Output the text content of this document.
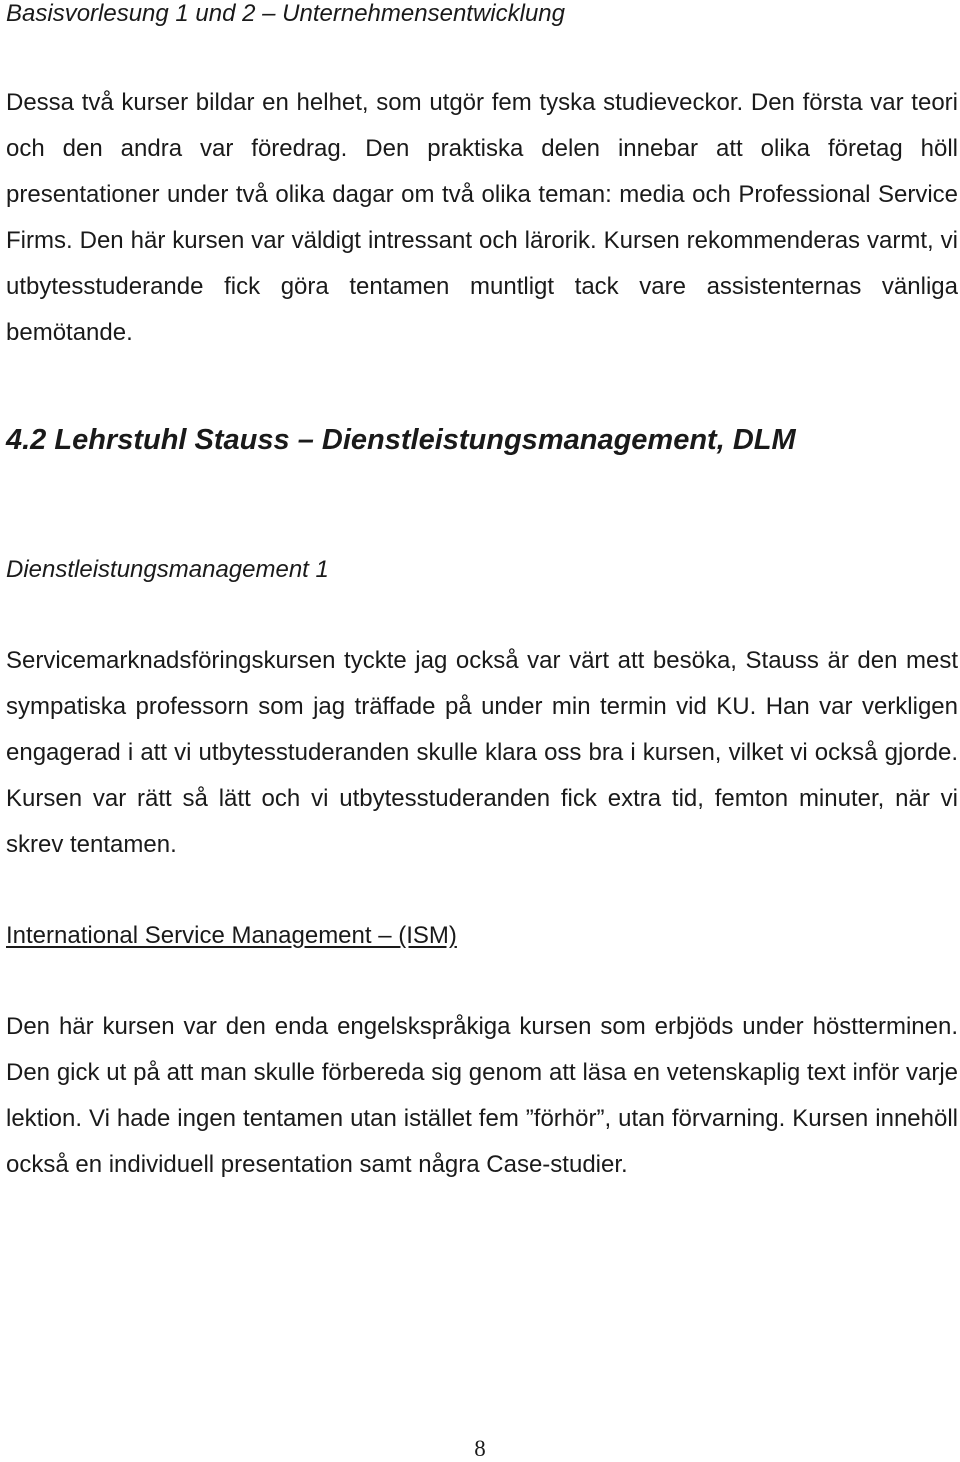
Basisvorlesung 1 und 2 – Unternehmensentwicklung

Dessa två kurser bildar en helhet, som utgör fem tyska studieveckor. Den första var teori och den andra var föredrag. Den praktiska delen innebar att olika företag höll presentationer under två olika dagar om två olika teman: media och Professional Service Firms. Den här kursen var väldigt intressant och lärorik. Kursen rekommenderas varmt, vi utbytesstuderande fick göra tentamen muntligt tack vare assistenternas vänliga bemötande.

4.2 Lehrstuhl Stauss – Dienstleistungsmanagement, DLM
Dienstleistungsmanagement 1

Servicemarknadsföringskursen tyckte jag också var värt att besöka, Stauss är den mest sympatiska professorn som jag träffade på under min termin vid KU. Han var verkligen engagerad i att vi utbytesstuderanden skulle klara oss bra i kursen, vilket vi också gjorde. Kursen var rätt så lätt och vi utbytesstuderanden fick extra tid, femton minuter, när vi skrev tentamen.

International Service Management – (ISM)

Den här kursen var den enda engelskspråkiga kursen som erbjöds under höstterminen. Den gick ut på att man skulle förbereda sig genom att läsa en vetenskaplig text inför varje lektion. Vi hade ingen tentamen utan istället fem ”förhör”, utan förvarning. Kursen innehöll också en individuell presentation samt några Case-studier.

8
